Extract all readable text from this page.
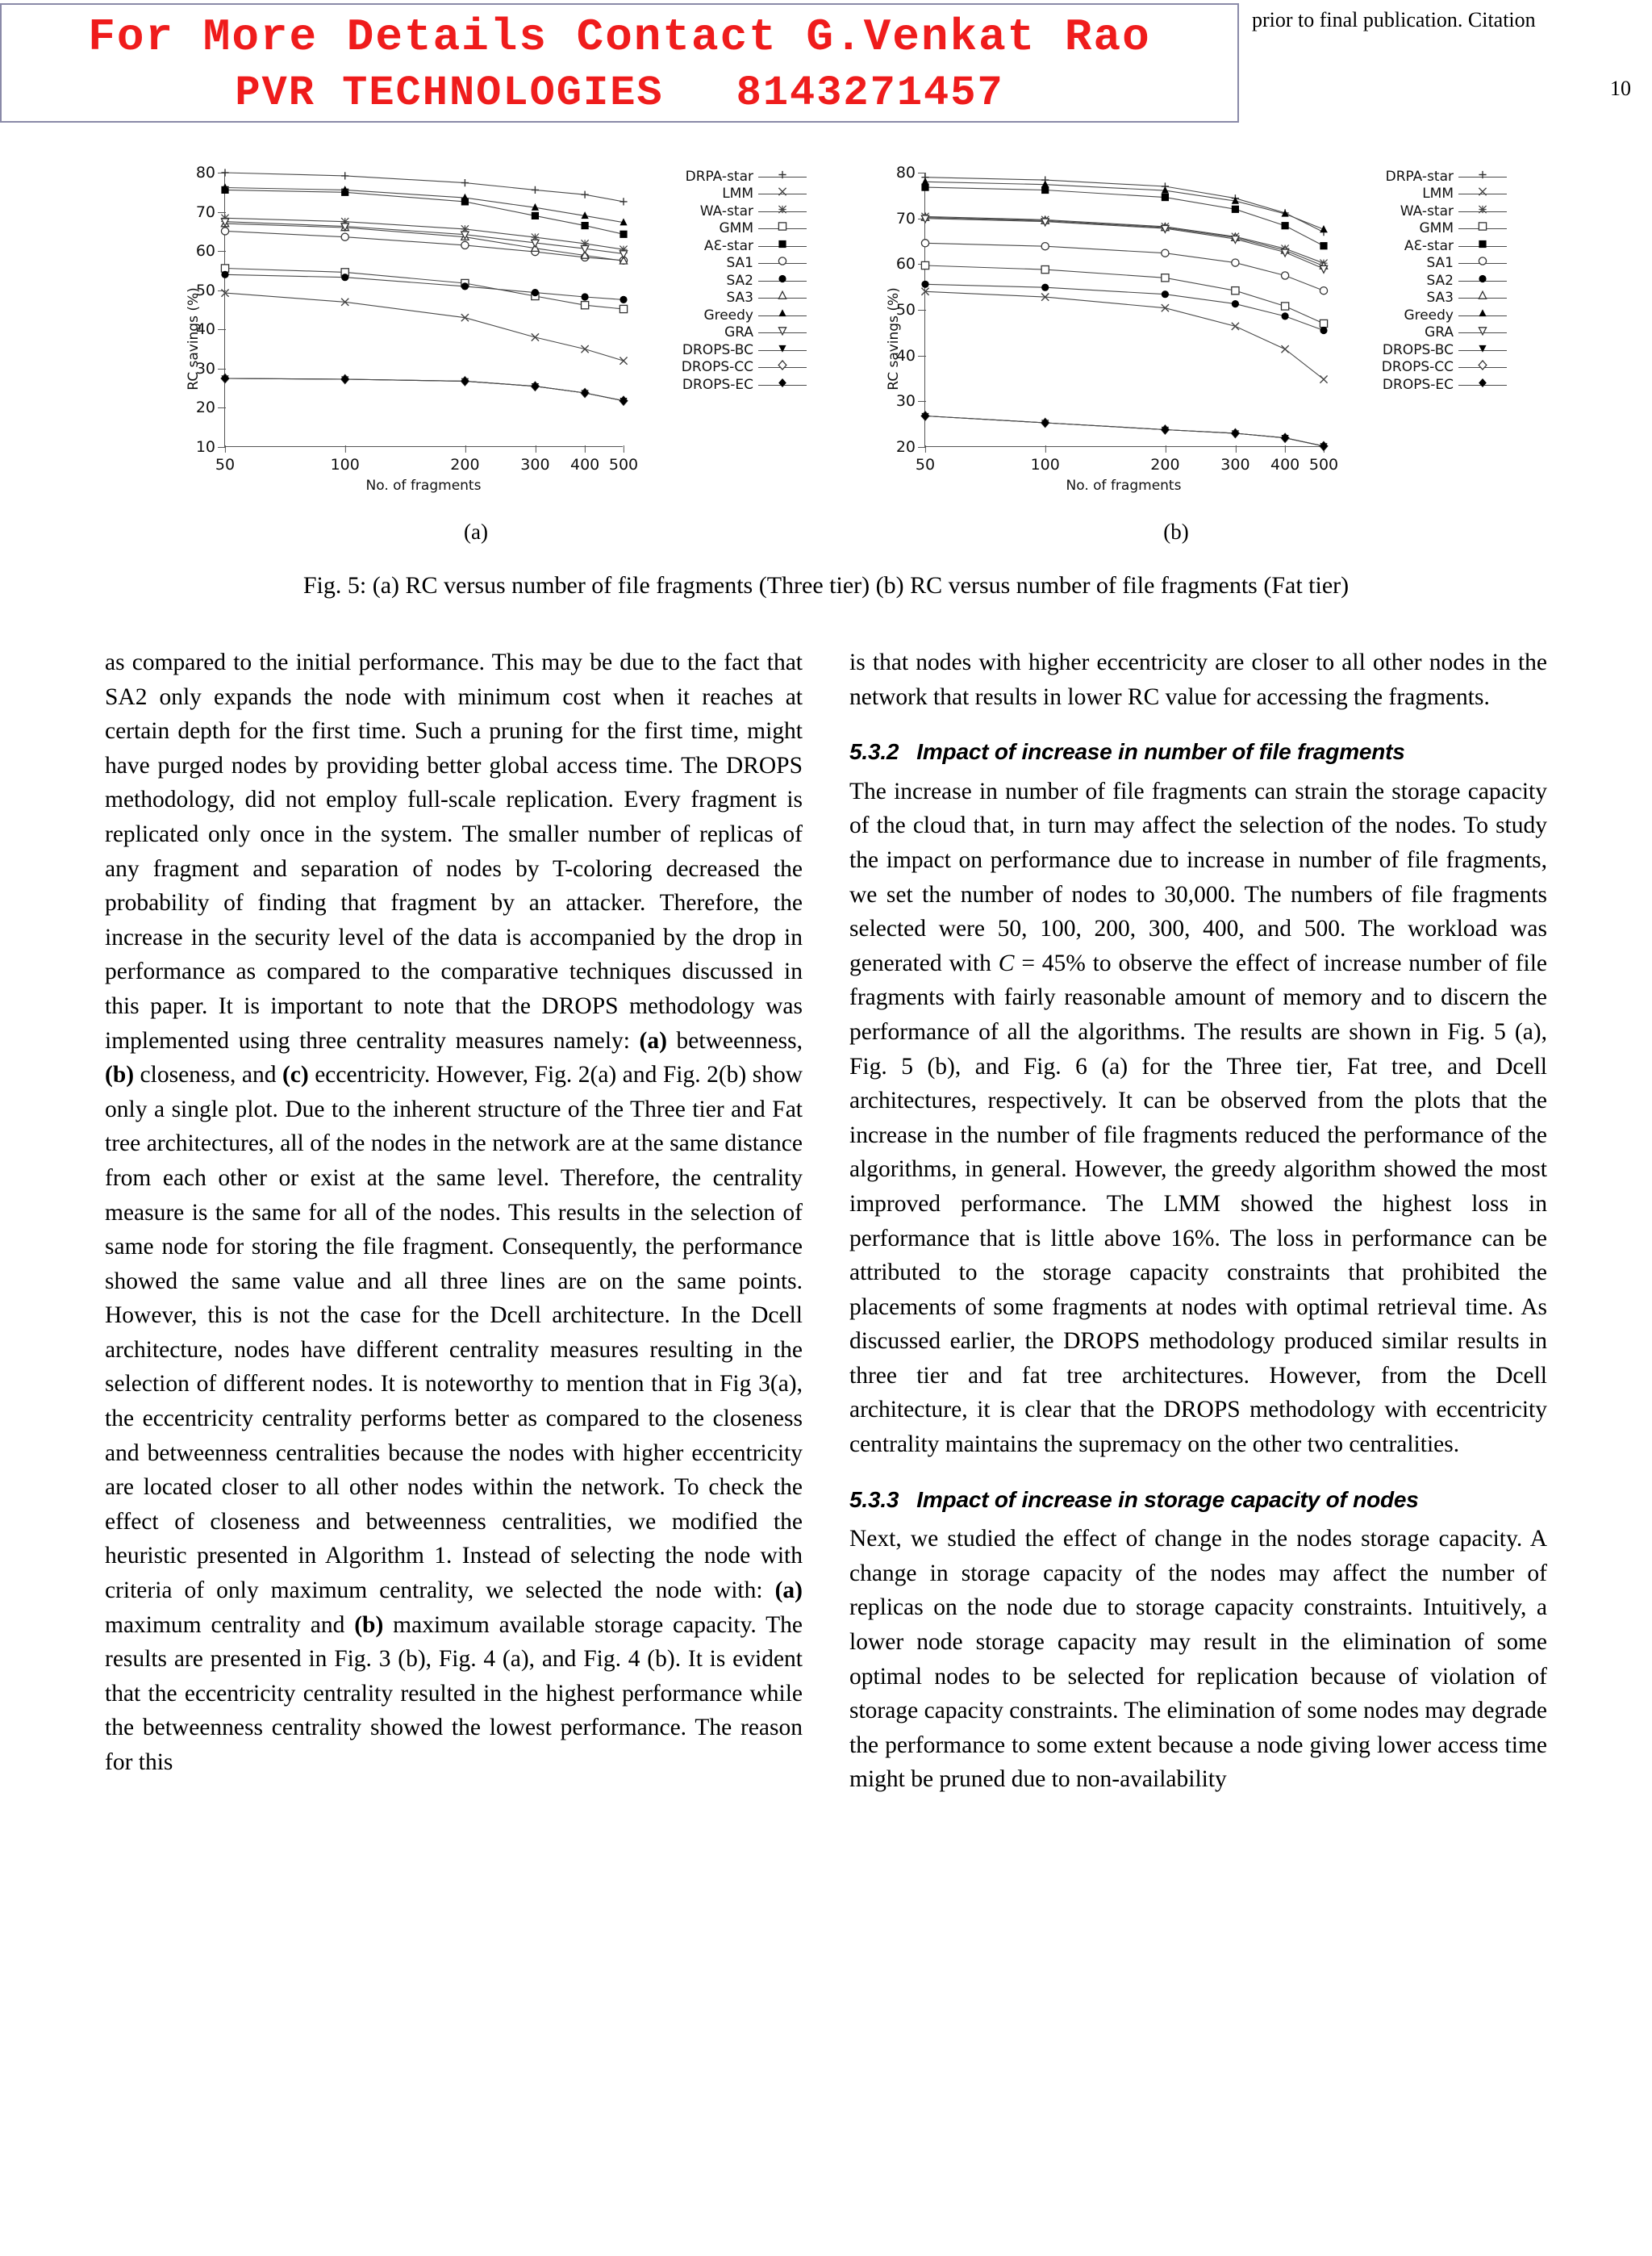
For More Details Contact G.Venkat Rao
PVR TECHNOLOGIES 8143271457
prior to final publication. Citation
10
RC savings (%)
10
20
30
40
50
60
70
80
50	100	200	300 400 500
No. of fragments
DRPA-star
LMM
WA-star
GMM
AƐ-star
SA1
SA2
SA3
Greedy
GRA
DROPS-BC
DROPS-CC
DROPS-EC	RC savings (%)
20
30
40
50
60
70
80
50	100	200	300 400 500
No. of fragments
DRPA-star
LMM
WA-star
GMM
AƐ-star
SA1
SA2
SA3
Greedy
GRA
DROPS-BC
DROPS-CC
DROPS-EC
(a)	(b)
Fig. 5: (a) RC versus number of file fragments (Three tier) (b) RC versus number of file fragments (Fat tier)

as compared to the initial performance. This may be due to the fact that SA2 only expands the node with minimum cost when it reaches at certain depth for the first time. Such a pruning for the first time, might have purged nodes by providing better global access time. The DROPS methodology, did not employ full-scale replication. Every fragment is replicated only once in the system. The smaller number of replicas of any fragment and separation of nodes by T-coloring decreased the probability of finding that fragment by an attacker. Therefore, the increase in the security level of the data is accompanied by the drop in performance as compared to the comparative techniques discussed in this paper. It is important to note that the DROPS methodology was implemented using three centrality measures namely: (a) betweenness, (b) closeness, and (c) eccentricity. However, Fig. 2(a) and Fig. 2(b) show only a single plot. Due to the inherent structure of the Three tier and Fat tree architectures, all of the nodes in the network are at the same distance from each other or exist at the same level. Therefore, the centrality measure is the same for all of the nodes. This results in the selection of same node for storing the file fragment. Consequently, the performance showed the same value and all three lines are on the same points. However, this is not the case for the Dcell architecture. In the Dcell architecture, nodes have different centrality measures resulting in the selection of different nodes. It is noteworthy to mention that in Fig 3(a), the eccentricity centrality performs better as compared to the closeness and betweenness centralities because the nodes with higher eccentricity are located closer to all other nodes within the network. To check the effect of closeness and betweenness centralities, we modified the heuristic presented in Algorithm 1. Instead of selecting the node with criteria of only maximum centrality, we selected the node with: (a) maximum centrality and (b) maximum available storage capacity. The results are presented in Fig. 3 (b), Fig. 4 (a), and Fig. 4 (b). It is evident that the eccentricity centrality resulted in the highest performance while the betweenness centrality showed the lowest performance. The reason for this

is that nodes with higher eccentricity are closer to all other nodes in the network that results in lower RC value for accessing the fragments.

5.3.2 Impact of increase in number of file fragments

The increase in number of file fragments can strain the storage capacity of the cloud that, in turn may affect the selection of the nodes. To study the impact on performance due to increase in number of file fragments, we set the number of nodes to 30,000. The numbers of file fragments selected were 50, 100, 200, 300, 400, and 500. The workload was generated with C = 45% to observe the effect of increase number of file fragments with fairly reasonable amount of memory and to discern the performance of all the algorithms. The results are shown in Fig. 5 (a), Fig. 5 (b), and Fig. 6 (a) for the Three tier, Fat tree, and Dcell architectures, respectively. It can be observed from the plots that the increase in the number of file fragments reduced the performance of the algorithms, in general. However, the greedy algorithm showed the most improved performance. The LMM showed the highest loss in performance that is little above 16%. The loss in performance can be attributed to the storage capacity constraints that prohibited the placements of some fragments at nodes with optimal retrieval time. As discussed earlier, the DROPS methodology produced similar results in three tier and fat tree architectures. However, from the Dcell architecture, it is clear that the DROPS methodology with eccentricity centrality maintains the supremacy on the other two centralities.

5.3.3 Impact of increase in storage capacity of nodes

Next, we studied the effect of change in the nodes storage capacity. A change in storage capacity of the nodes may affect the number of replicas on the node due to storage capacity constraints. Intuitively, a lower node storage capacity may result in the elimination of some optimal nodes to be selected for replication because of violation of storage capacity constraints. The elimination of some nodes may degrade the performance to some extent because a node giving lower access time might be pruned due to non-availability
